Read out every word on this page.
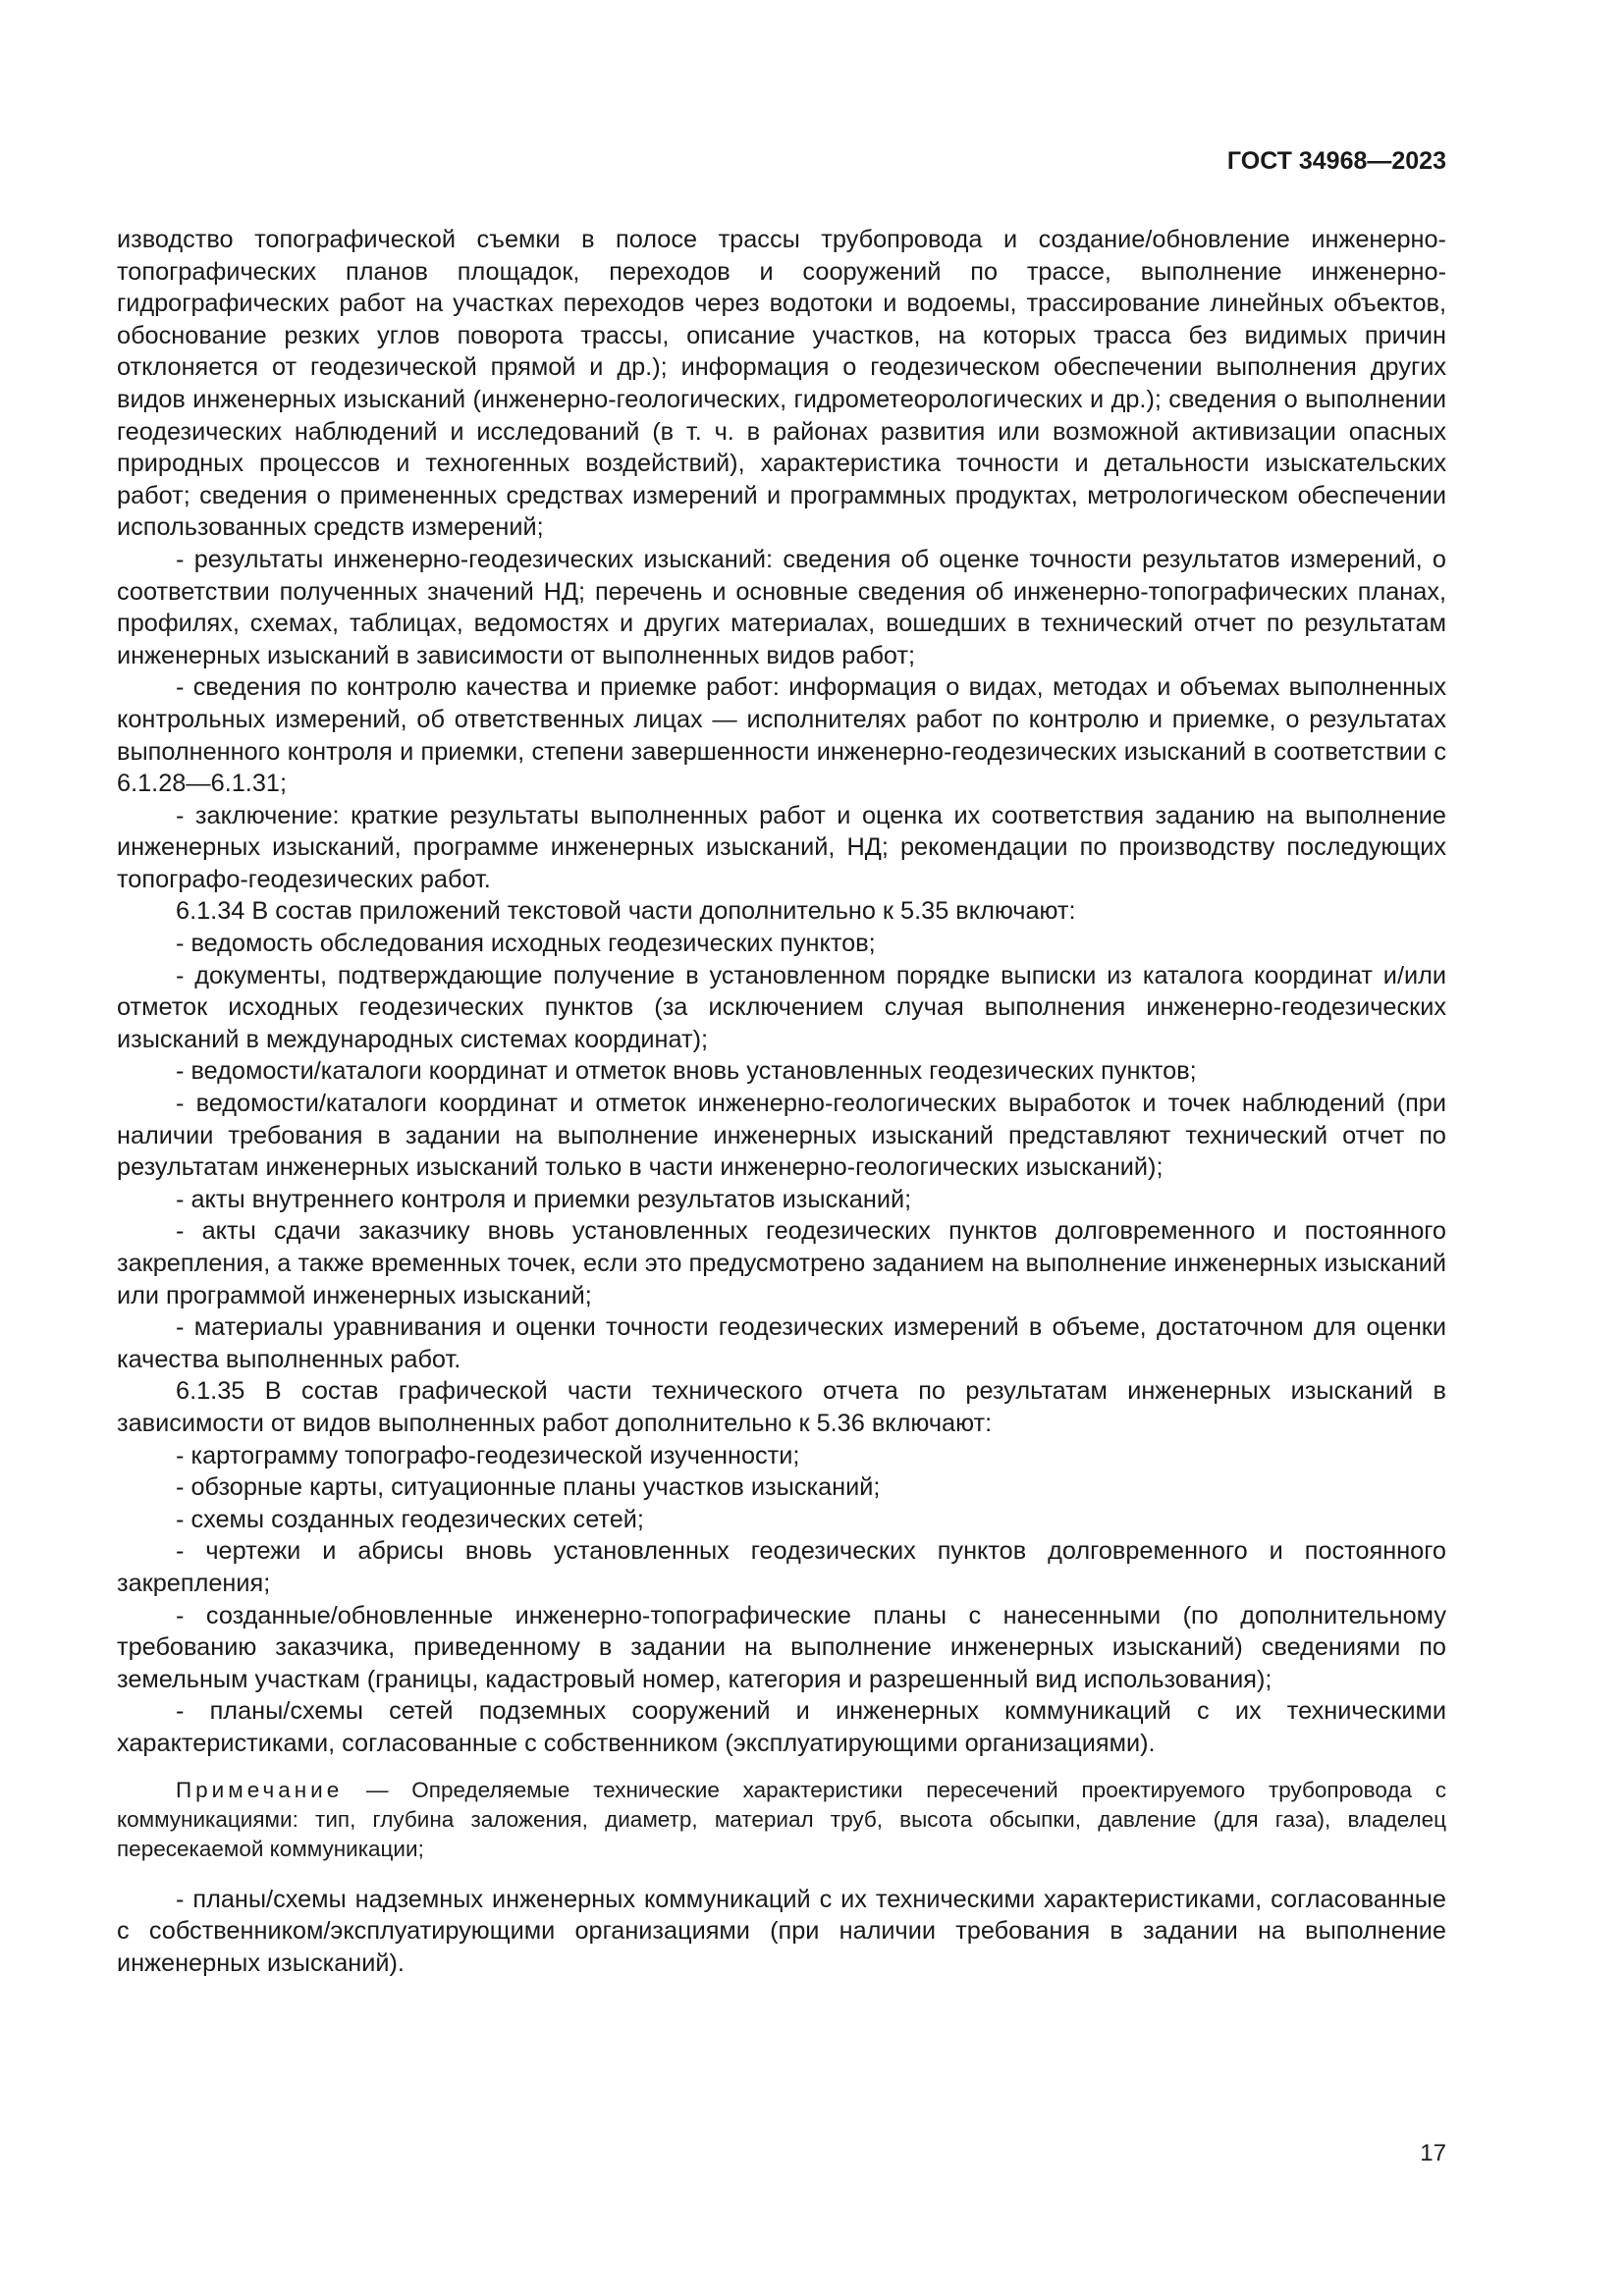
ГОСТ 34968—2023

изводство топографической съемки в полосе трассы трубопровода и создание/обновление инженерно-топографических планов площадок, переходов и сооружений по трассе, выполнение инженерно-гидрографических работ на участках переходов через водотоки и водоемы, трассирование линейных объектов, обоснование резких углов поворота трассы, описание участков, на которых трасса без видимых причин отклоняется от геодезической прямой и др.); информация о геодезическом обеспечении выполнения других видов инженерных изысканий (инженерно-геологических, гидрометеорологических и др.); сведения о выполнении геодезических наблюдений и исследований (в т. ч. в районах развития или возможной активизации опасных природных процессов и техногенных воздействий), характеристика точности и детальности изыскательских работ; сведения о примененных средствах измерений и программных продуктах, метрологическом обеспечении использованных средств измерений;

- результаты инженерно-геодезических изысканий: сведения об оценке точности результатов измерений, о соответствии полученных значений НД; перечень и основные сведения об инженерно-топографических планах, профилях, схемах, таблицах, ведомостях и других материалах, вошедших в технический отчет по результатам инженерных изысканий в зависимости от выполненных видов работ;

- сведения по контролю качества и приемке работ: информация о видах, методах и объемах выполненных контрольных измерений, об ответственных лицах — исполнителях работ по контролю и приемке, о результатах выполненного контроля и приемки, степени завершенности инженерно-геодезических изысканий в соответствии с 6.1.28—6.1.31;

- заключение: краткие результаты выполненных работ и оценка их соответствия заданию на выполнение инженерных изысканий, программе инженерных изысканий, НД; рекомендации по производству последующих топографо-геодезических работ.

6.1.34 В состав приложений текстовой части дополнительно к 5.35 включают:

- ведомость обследования исходных геодезических пунктов;

- документы, подтверждающие получение в установленном порядке выписки из каталога координат и/или отметок исходных геодезических пунктов (за исключением случая выполнения инженерно-геодезических изысканий в международных системах координат);

- ведомости/каталоги координат и отметок вновь установленных геодезических пунктов;

- ведомости/каталоги координат и отметок инженерно-геологических выработок и точек наблюдений (при наличии требования в задании на выполнение инженерных изысканий представляют технический отчет по результатам инженерных изысканий только в части инженерно-геологических изысканий);

- акты внутреннего контроля и приемки результатов изысканий;

- акты сдачи заказчику вновь установленных геодезических пунктов долговременного и постоянного закрепления, а также временных точек, если это предусмотрено заданием на выполнение инженерных изысканий или программой инженерных изысканий;

- материалы уравнивания и оценки точности геодезических измерений в объеме, достаточном для оценки качества выполненных работ.

6.1.35 В состав графической части технического отчета по результатам инженерных изысканий в зависимости от видов выполненных работ дополнительно к 5.36 включают:

- картограмму топографо-геодезической изученности;

- обзорные карты, ситуационные планы участков изысканий;

- схемы созданных геодезических сетей;

- чертежи и абрисы вновь установленных геодезических пунктов долговременного и постоянного закрепления;

- созданные/обновленные инженерно-топографические планы с нанесенными (по дополнительному требованию заказчика, приведенному в задании на выполнение инженерных изысканий) сведениями по земельным участкам (границы, кадастровый номер, категория и разрешенный вид использования);

- планы/схемы сетей подземных сооружений и инженерных коммуникаций с их техническими характеристиками, согласованные с собственником (эксплуатирующими организациями).

Примечание — Определяемые технические характеристики пересечений проектируемого трубопровода с коммуникациями: тип, глубина заложения, диаметр, материал труб, высота обсыпки, давление (для газа), владелец пересекаемой коммуникации;

- планы/схемы надземных инженерных коммуникаций с их техническими характеристиками, согласованные с собственником/эксплуатирующими организациями (при наличии требования в задании на выполнение инженерных изысканий).

17
